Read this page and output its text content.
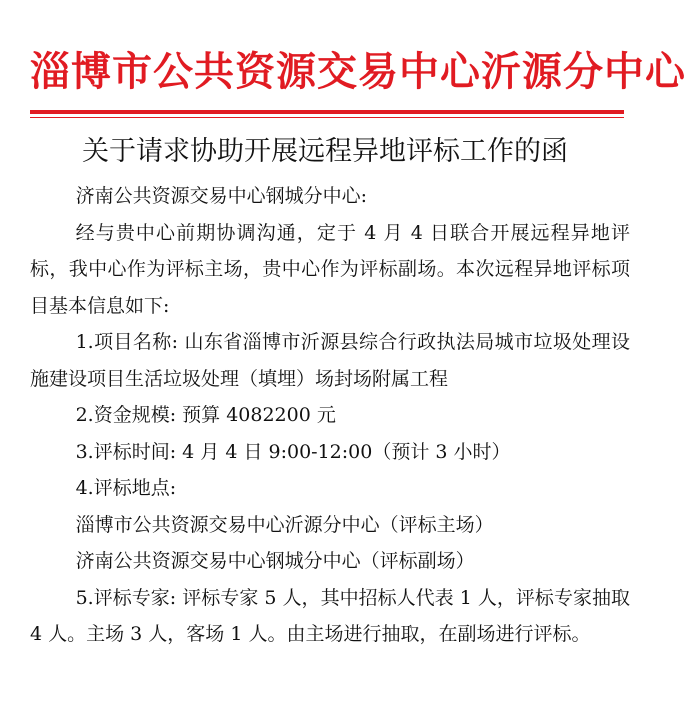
淄博市公共资源交易中心沂源分中心
关于请求协助开展远程异地评标工作的函

济南公共资源交易中心钢城分中心:

经与贵中心前期协调沟通，定于 4 月 4 日联合开展远程异地评标，我中心作为评标主场，贵中心作为评标副场。本次远程异地评标项目基本信息如下:

1.项目名称: 山东省淄博市沂源县综合行政执法局城市垃圾处理设施建设项目生活垃圾处理（填埋）场封场附属工程

2.资金规模: 预算 4082200 元

3.评标时间: 4 月 4 日 9:00-12:00（预计 3 小时）

4.评标地点:

淄博市公共资源交易中心沂源分中心（评标主场）

济南公共资源交易中心钢城分中心（评标副场）

5.评标专家: 评标专家 5 人，其中招标人代表 1 人，评标专家抽取 4 人。主场 3 人，客场 1 人。由主场进行抽取，在副场进行评标。
